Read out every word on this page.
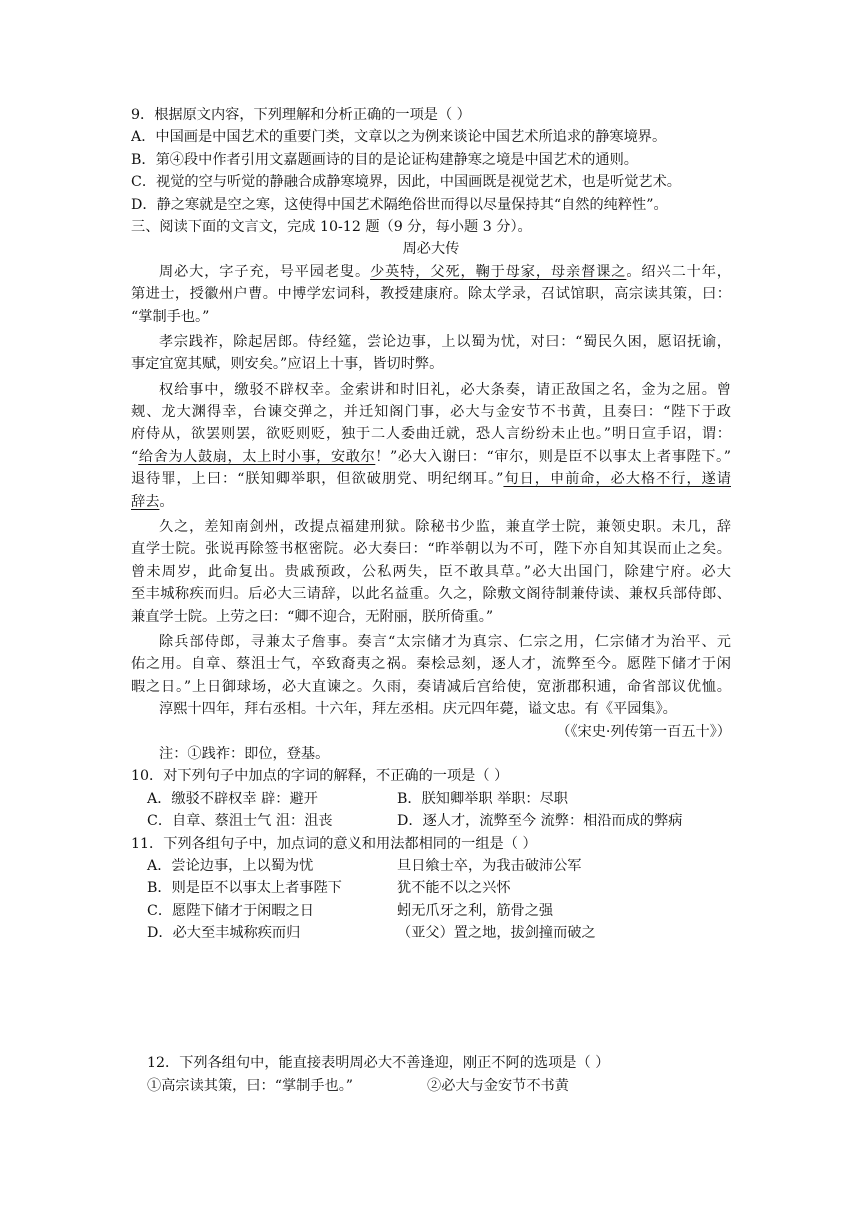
9．根据原文内容，下列理解和分析正确的一项是（ ）
A．中国画是中国艺术的重要门类，文章以之为例来谈论中国艺术所追求的静寒境界。
B．第④段中作者引用文嘉题画诗的目的是论证构建静寒之境是中国艺术的通则。
C．视觉的空与听觉的静融合成静寒境界，因此，中国画既是视觉艺术，也是听觉艺术。
D．静之寒就是空之寒，这使得中国艺术隔绝俗世而得以尽量保持其“自然的纯粹性”。
三、阅读下面的文言文，完成 10-12 题（9 分，每小题 3 分）。
周必大传
周必大，字子充，号平园老叟。少英特，父死，鞠于母家，母亲督课之。绍兴二十年，
第进士，授徽州户曹。中博学宏词科，教授建康府。除太学录，召试馆职，高宗读其策，曰：
“掌制手也。”
孝宗践祚，除起居郎。侍经筵，尝论边事，上以蜀为忧，对曰：“蜀民久困，愿诏抚谕，
事定宜宽其赋，则安矣。”应诏上十事，皆切时弊。
权给事中，缴驳不辟权幸。金索讲和时旧礼，必大条奏，请正敌国之名，金为之屈。曾
觌、龙大渊得幸，台谏交弹之，并迁知阁门事，必大与金安节不书黄，且奏曰：“陛下于政
府侍从，欲罢则罢，欲贬则贬，独于二人委曲迁就，恐人言纷纷未止也。”明日宣手诏，谓：
“给舍为人鼓扇，太上时小事，安敢尔！”必大入谢曰：“审尔，则是臣不以事太上者事陛下。”
退待罪，上曰：“朕知卿举职，但欲破朋党、明纪纲耳。”旬日，申前命，必大格不行，遂请
辞去。
久之，差知南剑州，改提点福建刑狱。除秘书少监，兼直学士院，兼领史职。未几，辞
直学士院。张说再除签书枢密院。必大奏曰：“昨举朝以为不可，陛下亦自知其误而止之矣。
曾未周岁，此命复出。贵戚预政，公私两失，臣不敢具草。”必大出国门，除建宁府。必大
至丰城称疾而归。后必大三请辞，以此名益重。久之，除敷文阁待制兼侍读、兼权兵部侍郎、
兼直学士院。上劳之曰：“卿不迎合，无附丽，朕所倚重。”
除兵部侍郎，寻兼太子詹事。奏言“太宗储才为真宗、仁宗之用，仁宗储才为治平、元
佑之用。自章、蔡沮士气，卒致裔夷之祸。秦桧忌刻，逐人才，流弊至今。愿陛下储才于闲
暇之日。”上日御球场，必大直谏之。久雨，奏请减后宫给使，宽浙郡积逋，命省部议优恤。
淳熙十四年，拜右丞相。十六年，拜左丞相。庆元四年薨，谥文忠。有《平园集》。
（《宋史·列传第一百五十》）
注：①践祚：即位，登基。
10．对下列句子中加点的字词的解释，不正确的一项是（ ）
A．缴驳不辟权幸 辟：避开	B．朕知卿举职 举职：尽职
C．自章、蔡沮士气 沮：沮丧	D．逐人才，流弊至今 流弊：相沿而成的弊病
11．下列各组句子中，加点词的意义和用法都相同的一组是（ ）
A．尝论边事，上以蜀为忧	旦日飨士卒，为我击破沛公军
B．则是臣不以事太上者事陛下	犹不能不以之兴怀
C．愿陛下储才于闲暇之日	蚓无爪牙之利，筋骨之强
D．必大至丰城称疾而归	（亚父）置之地，拔剑撞而破之
12．下列各组句中，能直接表明周必大不善逢迎，刚正不阿的选项是（ ）
①高宗读其策，曰：“掌制手也。”	②必大与金安节不书黄
